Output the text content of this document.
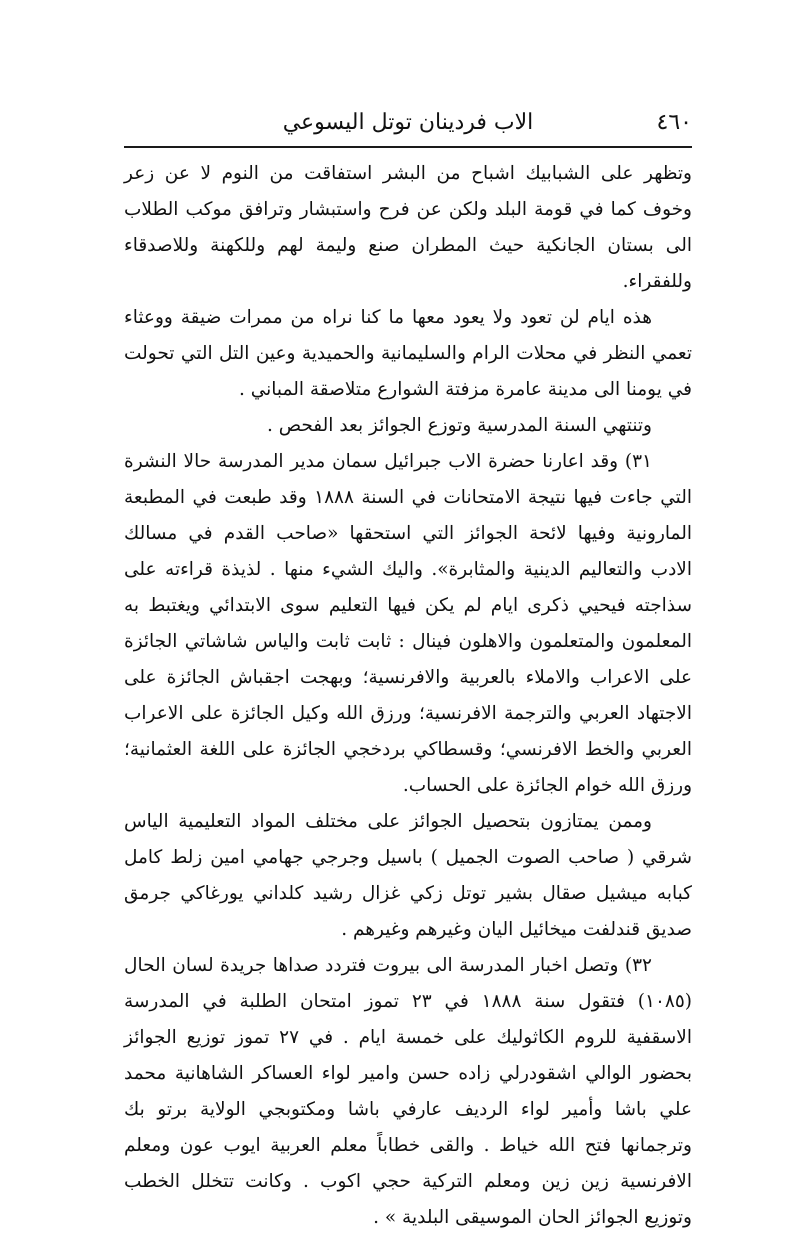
٤٦٠
الاب فردينان توتل اليسوعي

وتظهر على الشبابيك اشباح من البشر استفاقت من النوم لا عن زعر وخوف كما في قومة البلد ولكن عن فرح واستبشار وترافق موكب الطلاب الى بستان الجانكية حيث المطران صنع وليمة لهم وللكهنة وللاصدقاء وللفقراء.

هذه ايام لن تعود ولا يعود معها ما كنا نراه من ممرات ضيقة ووعثاء تعمي النظر في محلات الرام والسليمانية والحميدية وعين التل التي تحولت في يومنا الى مدينة عامرة مزفتة الشوارع متلاصقة المباني .

وتنتهي السنة المدرسية وتوزع الجوائز بعد الفحص .

٣١) وقد اعارنا حضرة الاب جبرائيل سمان مدير المدرسة حالا النشرة التي جاءت فيها نتيجة الامتحانات في السنة ١٨٨٨ وقد طبعت في المطبعة المارونية وفيها لائحة الجوائز التي استحقها «صاحب القدم في مسالك الادب والتعاليم الدينية والمثابرة». واليك الشيء منها . لذيذة قراءته على سذاجته فيحيي ذكرى ايام لم يكن فيها التعليم سوى الابتدائي ويغتبط به المعلمون والمتعلمون والاهلون فينال : ثابت ثابت والياس شاشاتي الجائزة على الاعراب والاملاء بالعربية والافرنسية؛ وبهجت اجقباش الجائزة على الاجتهاد العربي والترجمة الافرنسية؛ ورزق الله وكيل الجائزة على الاعراب العربي والخط الافرنسي؛ وقسطاكي بردخجي الجائزة على اللغة العثمانية؛ ورزق الله خوام الجائزة على الحساب.

وممن يمتازون بتحصيل الجوائز على مختلف المواد التعليمية الياس شرقي ( صاحب الصوت الجميل ) باسيل وجرجي جهامي امين زلط كامل كبابه ميشيل صقال بشير توتل زكي غزال رشيد كلداني يورغاكي جرمق صديق قندلفت ميخائيل اليان وغيرهم وغيرهم .

٣٢) وتصل اخبار المدرسة الى بيروت فتردد صداها جريدة لسان الحال (١٠٨٥) فتقول سنة ١٨٨٨ في ٢٣ تموز امتحان الطلبة في المدرسة الاسقفية للروم الكاثوليك على خمسة ايام . في ٢٧ تموز توزيع الجوائز بحضور الوالي اشقودرلي زاده حسن وامير لواء العساكر الشاهانية محمد علي باشا وأمير لواء الرديف عارفي باشا ومكتوبجي الولاية برتو بك وترجمانها فتح الله خياط . والقى خطاباً معلم العربية ايوب عون ومعلم الافرنسية زين زين ومعلم التركية حجي اكوب . وكانت تتخلل الخطب وتوزيع الجوائز الحان الموسيقى البلدية » .
